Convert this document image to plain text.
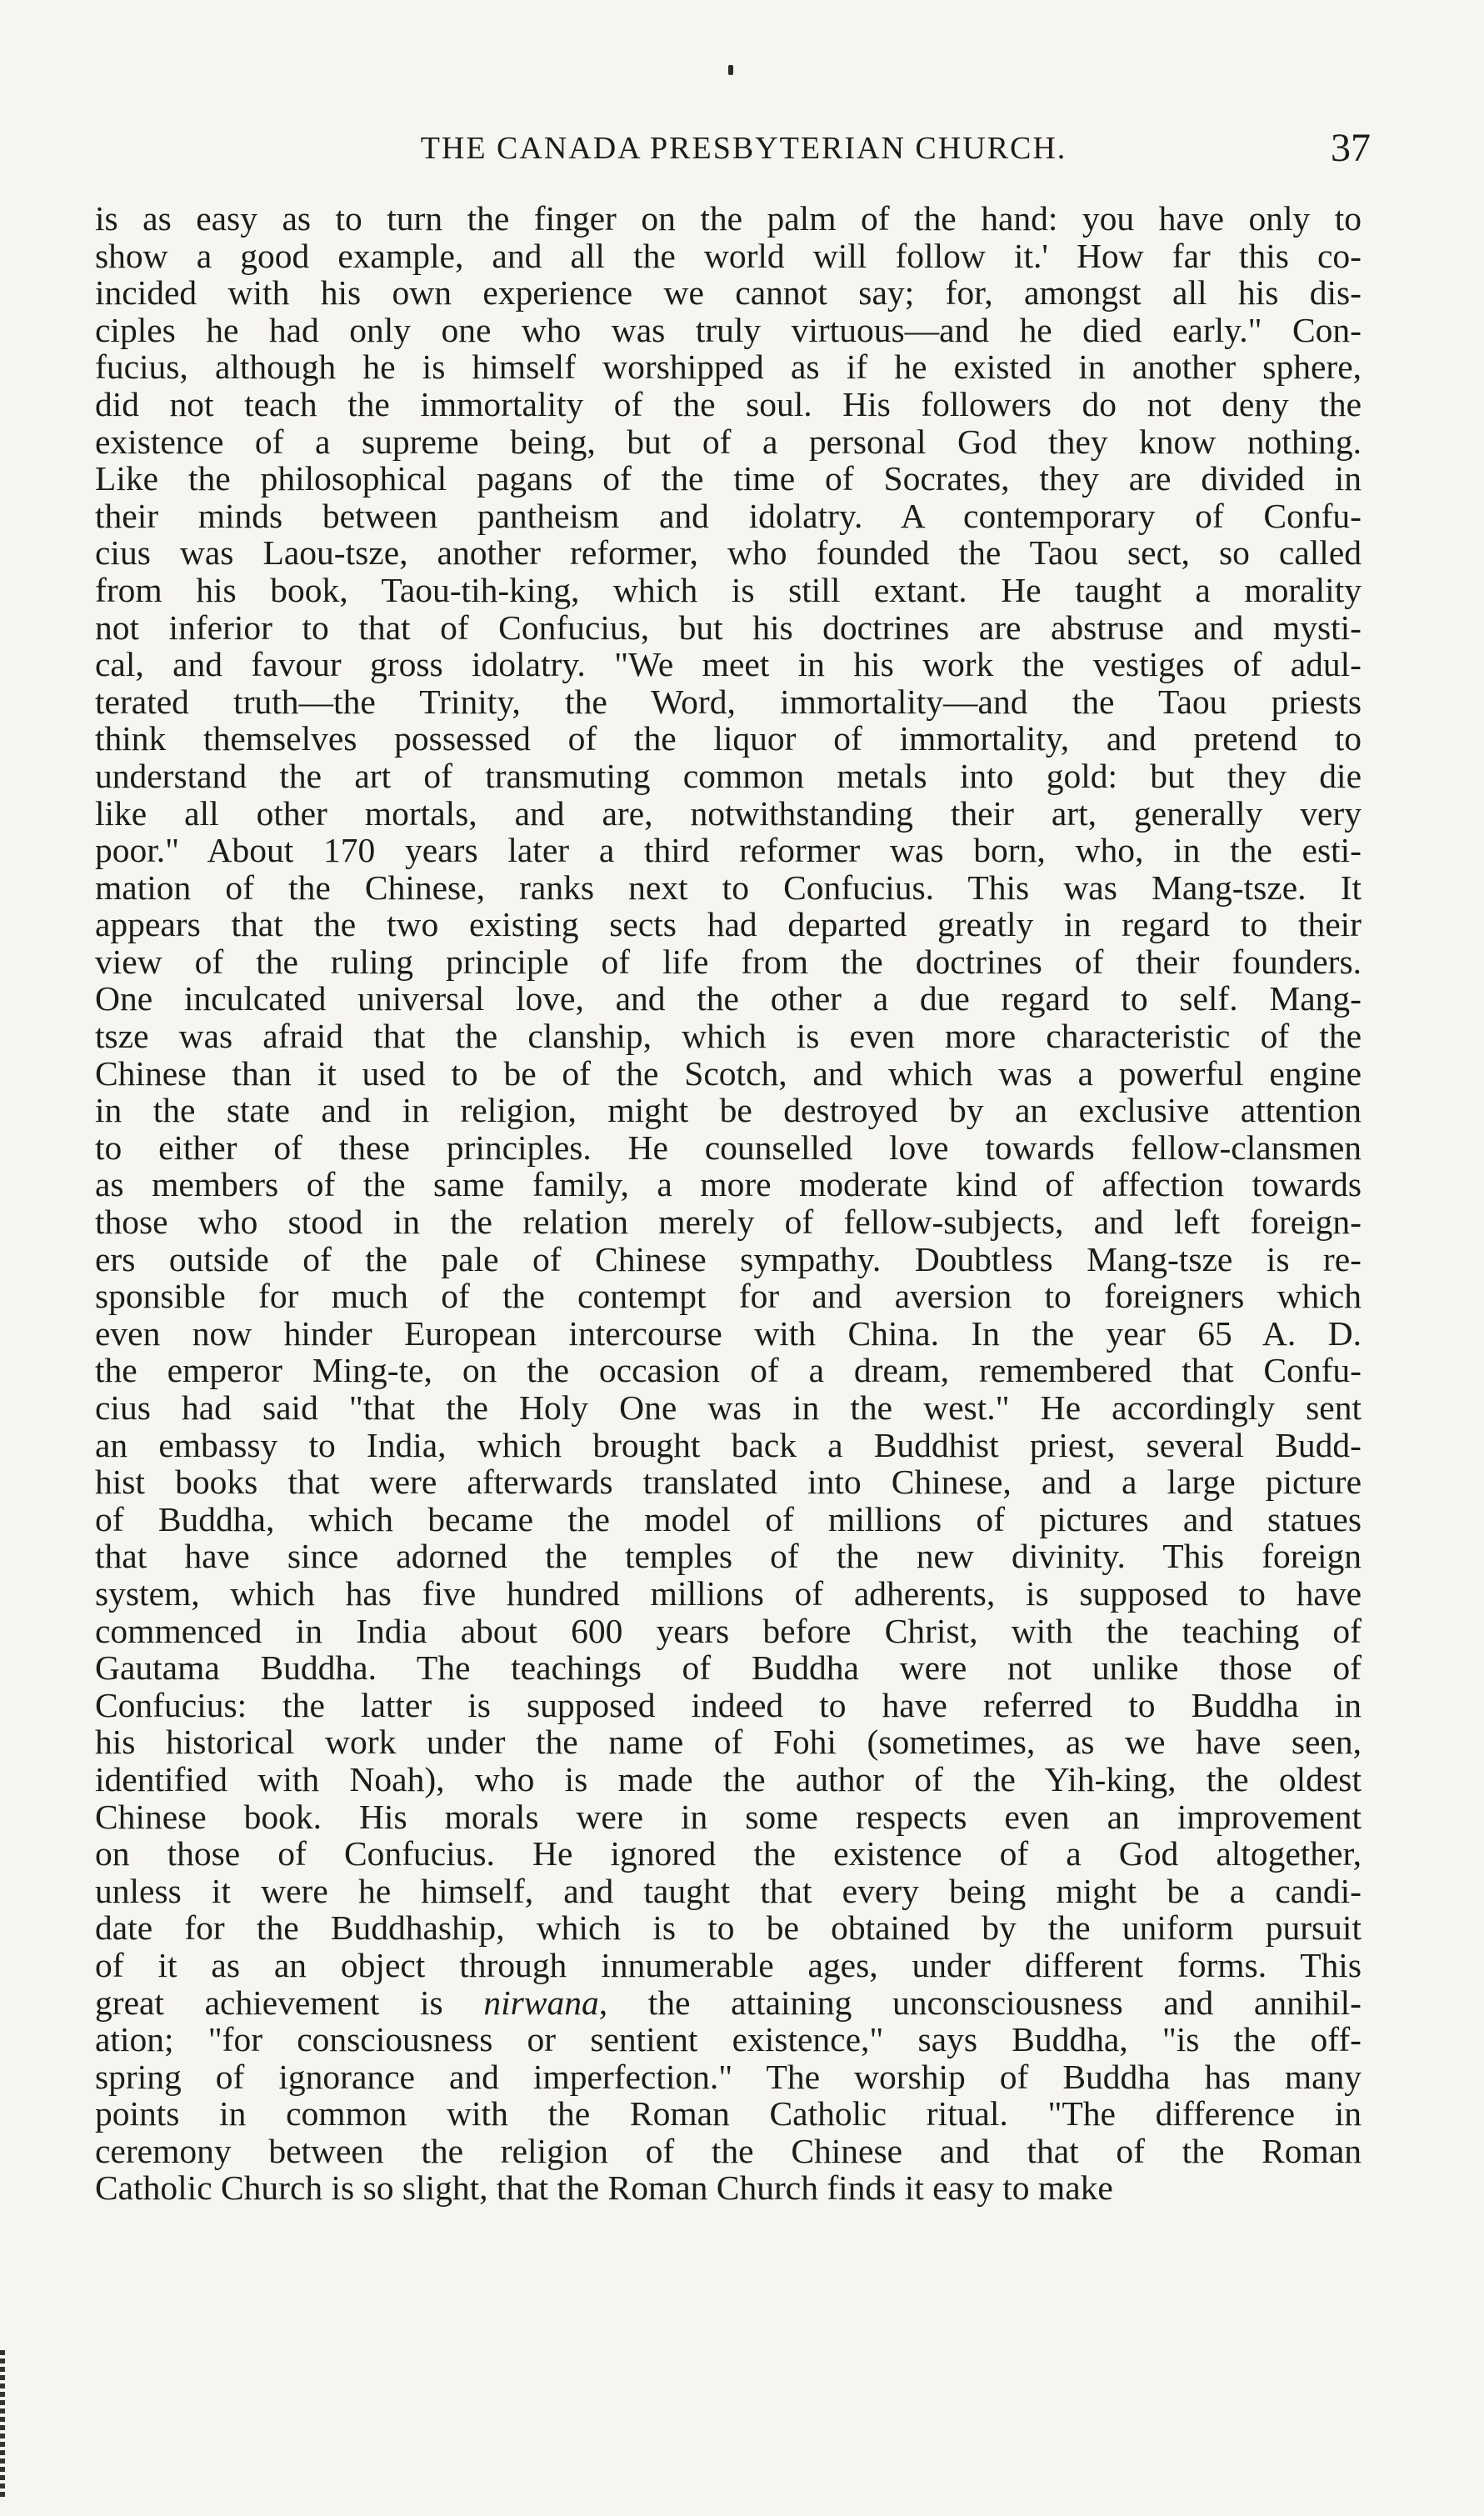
THE CANADA PRESBYTERIAN CHURCH.	37
is as easy as to turn the finger on the palm of the hand: you have only to
show a good example, and all the world will follow it.' How far this co-
incided with his own experience we cannot say; for, amongst all his dis-
ciples he had only one who was truly virtuous—and he died early." Con-
fucius, although he is himself worshipped as if he existed in another sphere,
did not teach the immortality of the soul. His followers do not deny the
existence of a supreme being, but of a personal God they know nothing.
Like the philosophical pagans of the time of Socrates, they are divided in
their minds between pantheism and idolatry. A contemporary of Confu-
cius was Laou-tsze, another reformer, who founded the Taou sect, so called
from his book, Taou-tih-king, which is still extant. He taught a morality
not inferior to that of Confucius, but his doctrines are abstruse and mysti-
cal, and favour gross idolatry. "We meet in his work the vestiges of adul-
terated truth—the Trinity, the Word, immortality—and the Taou priests
think themselves possessed of the liquor of immortality, and pretend to
understand the art of transmuting common metals into gold: but they die
like all other mortals, and are, notwithstanding their art, generally very
poor." About 170 years later a third reformer was born, who, in the esti-
mation of the Chinese, ranks next to Confucius. This was Mang-tsze. It
appears that the two existing sects had departed greatly in regard to their
view of the ruling principle of life from the doctrines of their founders.
One inculcated universal love, and the other a due regard to self. Mang-
tsze was afraid that the clanship, which is even more characteristic of the
Chinese than it used to be of the Scotch, and which was a powerful engine
in the state and in religion, might be destroyed by an exclusive attention
to either of these principles. He counselled love towards fellow-clansmen
as members of the same family, a more moderate kind of affection towards
those who stood in the relation merely of fellow-subjects, and left foreign-
ers outside of the pale of Chinese sympathy. Doubtless Mang-tsze is re-
sponsible for much of the contempt for and aversion to foreigners which
even now hinder European intercourse with China. In the year 65 A. D.
the emperor Ming-te, on the occasion of a dream, remembered that Confu-
cius had said "that the Holy One was in the west." He accordingly sent
an embassy to India, which brought back a Buddhist priest, several Budd-
hist books that were afterwards translated into Chinese, and a large picture
of Buddha, which became the model of millions of pictures and statues
that have since adorned the temples of the new divinity. This foreign
system, which has five hundred millions of adherents, is supposed to have
commenced in India about 600 years before Christ, with the teaching of
Gautama Buddha. The teachings of Buddha were not unlike those of
Confucius: the latter is supposed indeed to have referred to Buddha in
his historical work under the name of Fohi (sometimes, as we have seen,
identified with Noah), who is made the author of the Yih-king, the oldest
Chinese book. His morals were in some respects even an improvement
on those of Confucius. He ignored the existence of a God altogether,
unless it were he himself, and taught that every being might be a candi-
date for the Buddhaship, which is to be obtained by the uniform pursuit
of it as an object through innumerable ages, under different forms. This
great achievement is nirwana, the attaining unconsciousness and annihil-
ation; "for consciousness or sentient existence," says Buddha, "is the off-
spring of ignorance and imperfection." The worship of Buddha has many
points in common with the Roman Catholic ritual. "The difference in
ceremony between the religion of the Chinese and that of the Roman
Catholic Church is so slight, that the Roman Church finds it easy to make
